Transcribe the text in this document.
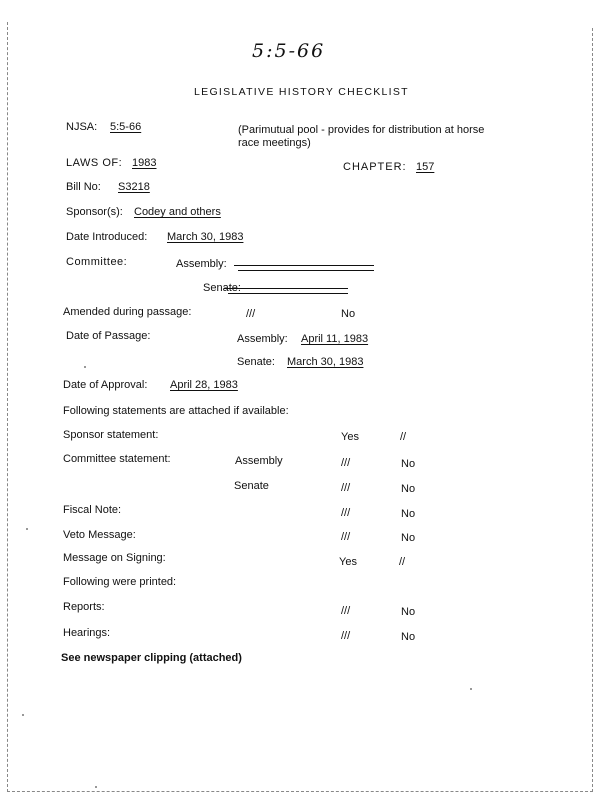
5:5-66
LEGISLATIVE HISTORY CHECKLIST
NJSA: 5:5-66	(Parimutual pool - provides for distribution at horse race meetings)
LAWS OF: 1983	CHAPTER: 157
Bill No: S3218
Sponsor(s): Codey and others
Date Introduced: March 30, 1983
Committee:	Assembly:
Senate:
Amended during passage:	///	No
Date of Passage:	Assembly: April 11, 1983
Senate: March 30, 1983
Date of Approval: April 28, 1983
Following statements are attached if available:
Sponsor statement:	Yes	//
Committee statement:	Assembly	///	No
Senate	///	No
Fiscal Note:	///	No
Veto Message:	///	No
Message on Signing:	Yes	//
Following were printed:
Reports:	///	No
Hearings:	///	No
See newspaper clipping (attached)
